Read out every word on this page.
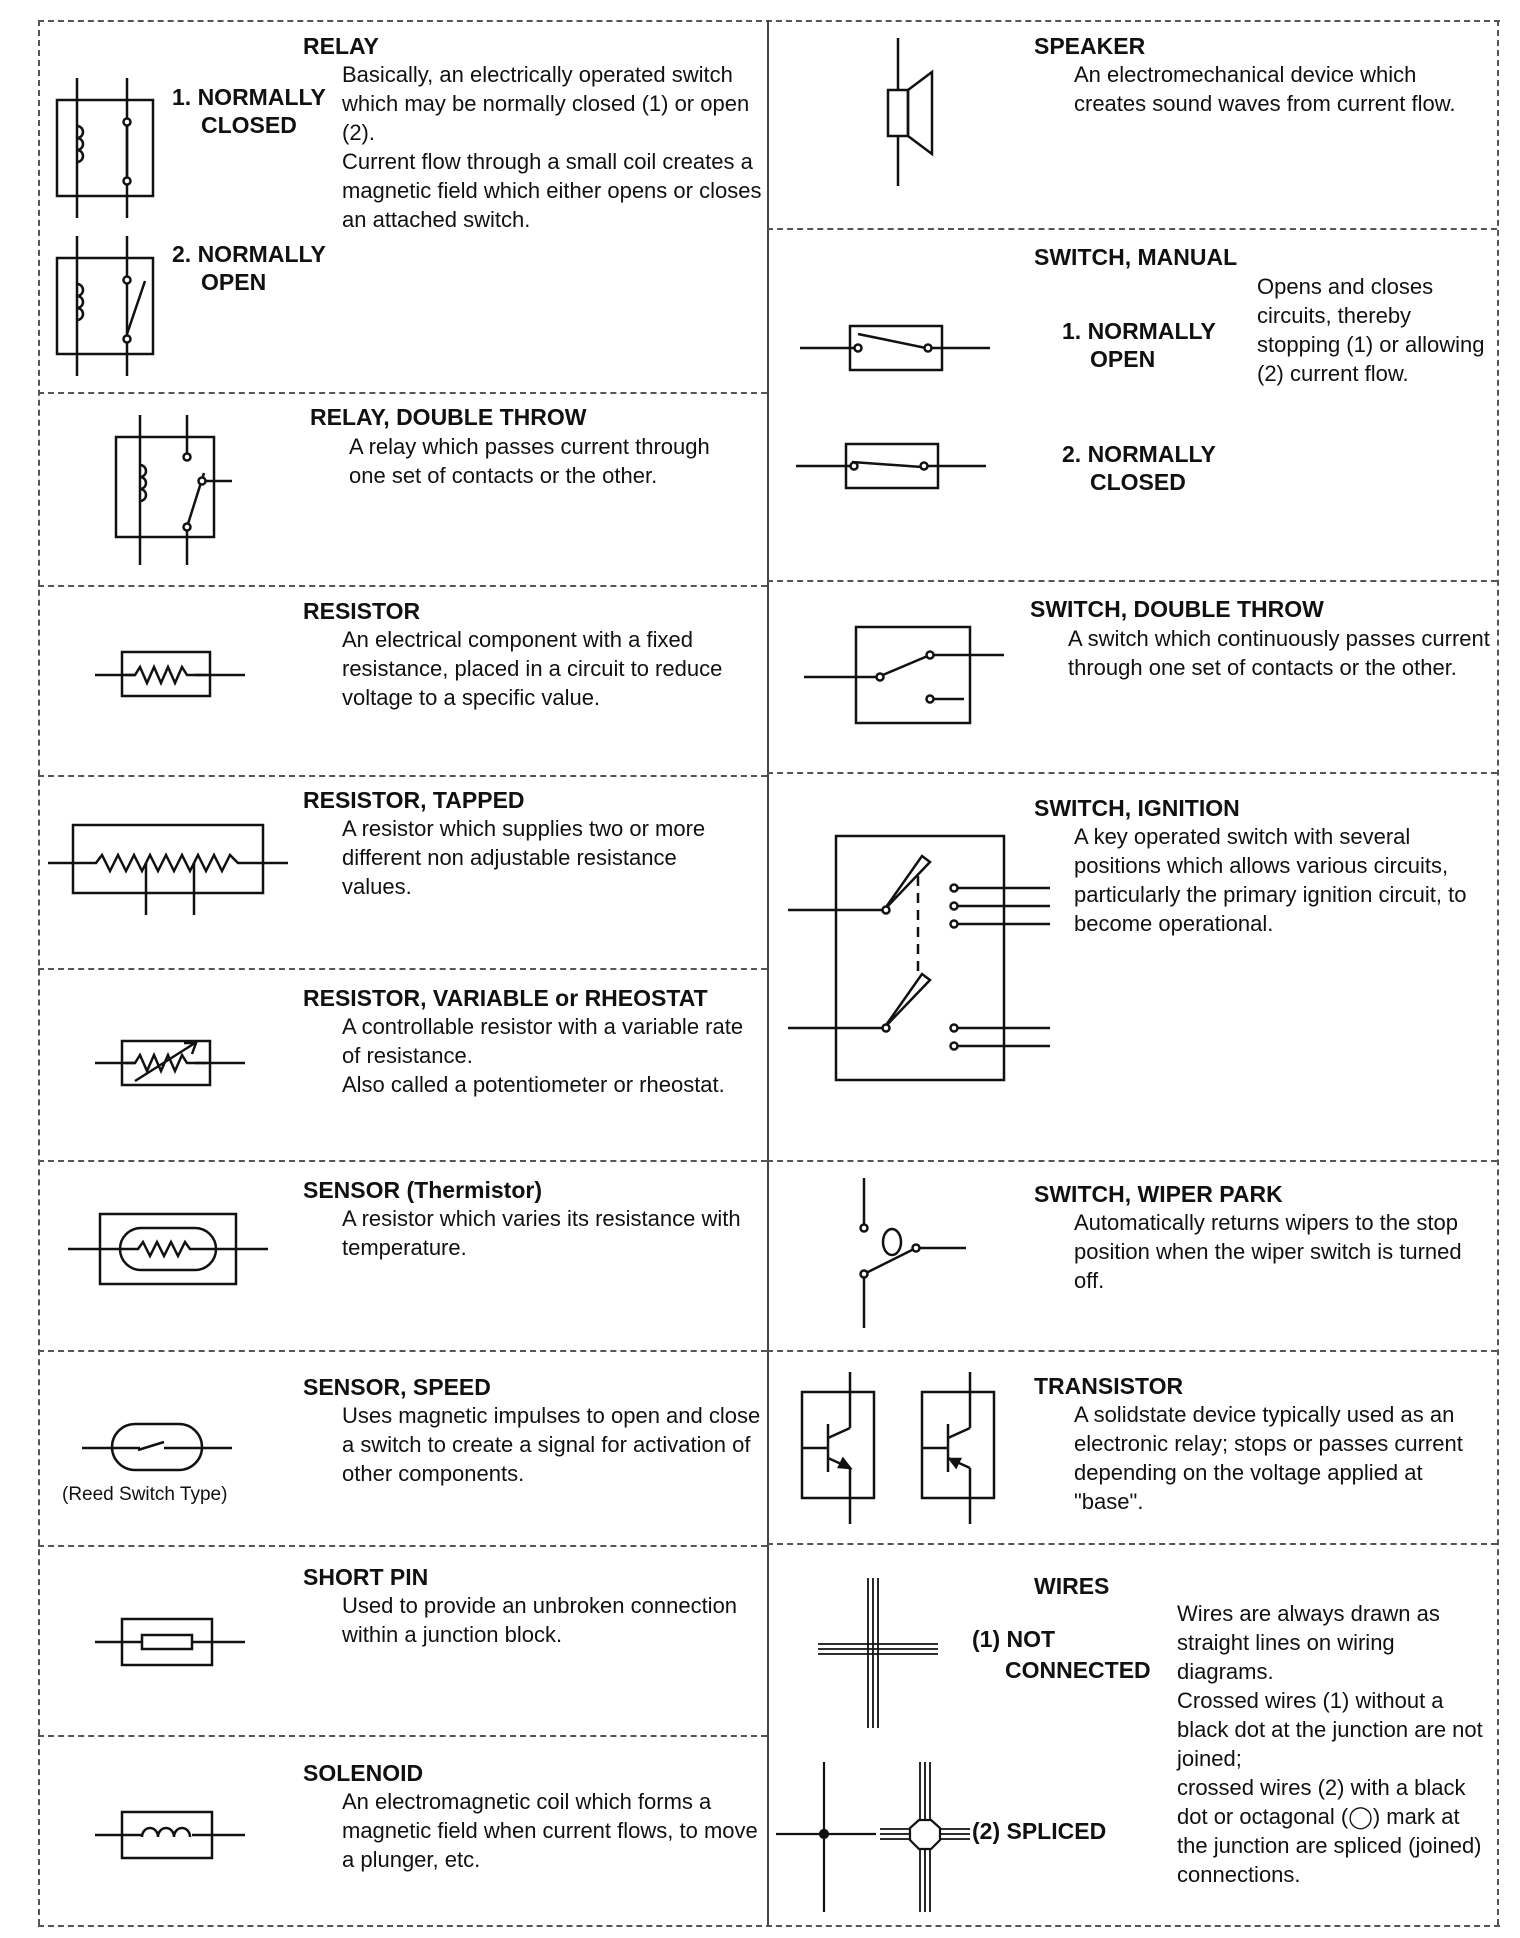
RELAY
1. NORMALLY
CLOSED

Basically, an electrically operated switch which may be normally closed (1) or open (2).

Current flow through a small coil creates a magnetic field which either opens or closes an attached switch.

2. NORMALLY
OPEN
RELAY, DOUBLE THROW
A relay which passes current through one set of contacts or the other.
RESISTOR
An electrical component with a fixed resistance, placed in a circuit to reduce voltage to a specific value.
RESISTOR, TAPPED
A resistor which supplies two or more different non adjustable resistance values.
RESISTOR, VARIABLE or RHEOSTAT

A controllable resistor with a variable rate of resistance.

Also called a potentiometer or rheostat.

SENSOR (Thermistor)
A resistor which varies its resistance with temperature.
SENSOR, SPEED
Uses magnetic impulses to open and close a switch to create a signal for activation of other components.
(Reed Switch Type)
SHORT PIN
Used to provide an unbroken connection within a junction block.
SOLENOID
An electromagnetic coil which forms a magnetic field when current flows, to move a plunger, etc.
SPEAKER
An electromechanical device which creates sound waves from current flow.
SWITCH, MANUAL
Opens and closes circuits, thereby stopping (1) or allowing (2) current flow.
1. NORMALLY
OPEN
2. NORMALLY
CLOSED
SWITCH, DOUBLE THROW
A switch which continuously passes current through one set of contacts or the other.
SWITCH, IGNITION
A key operated switch with several positions which allows various circuits, particularly the primary ignition circuit, to become operational.
SWITCH, WIPER PARK
Automatically returns wipers to the stop position when the wiper switch is turned off.
TRANSISTOR
A solidstate device typically used as an electronic relay; stops or passes current depending on the voltage applied at "base".
WIRES
(1) NOT
CONNECTED
(2) SPLICED

Wires are always drawn as straight lines on wiring diagrams.

Crossed wires (1) without a black dot at the junction are not joined;

crossed wires (2) with a black dot or octagonal (◯) mark at the junction are spliced (joined) connections.
